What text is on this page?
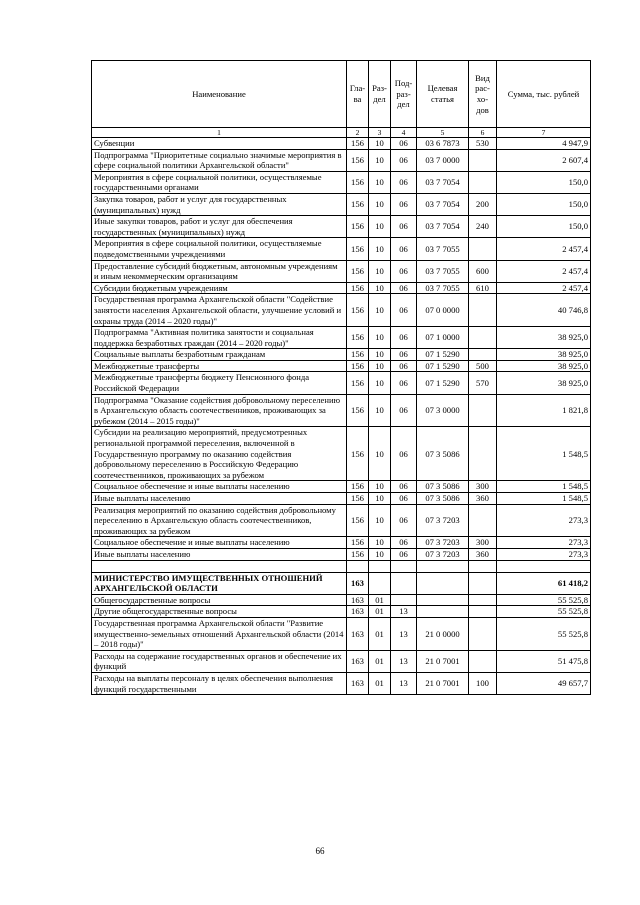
Наименование	Гла-ва	Раз-дел	Под-раз-дел	Целевая статья	Вид рас-хо-дов	Сумма, тыс. рублей
1	2	3	4	5	6	7
Субвенции	156	10	06	03 6 7873	530	4 947,9
Подпрограмма "Приоритетные социально значимые мероприятия в сфере социальной политики Архангельской области"	156	10	06	03 7 0000		2 607,4
Мероприятия в сфере социальной политики, осуществляемые государственными органами	156	10	06	03 7 7054		150,0
Закупка товаров, работ и услуг для государственных (муниципальных) нужд	156	10	06	03 7 7054	200	150,0
Иные закупки товаров, работ и услуг для обеспечения государственных (муниципальных) нужд	156	10	06	03 7 7054	240	150,0
Мероприятия в сфере социальной политики, осуществляемые подведомственными учреждениями	156	10	06	03 7 7055		2 457,4
Предоставление субсидий бюджетным, автономным учреждениям и иным некоммерческим организациям	156	10	06	03 7 7055	600	2 457,4
Субсидии бюджетным учреждениям	156	10	06	03 7 7055	610	2 457,4
Государственная программа Архангельской области "Содействие занятости населения Архангельской области, улучшение условий и охраны труда (2014 – 2020 годы)"	156	10	06	07 0 0000		40 746,8
Подпрограмма "Активная политика занятости и социальная поддержка безработных граждан (2014 – 2020 годы)"	156	10	06	07 1 0000		38 925,0
Социальные выплаты безработным гражданам	156	10	06	07 1 5290		38 925,0
Межбюджетные трансферты	156	10	06	07 1 5290	500	38 925,0
Межбюджетные трансферты бюджету Пенсионного фонда Российской Федерации	156	10	06	07 1 5290	570	38 925,0
Подпрограмма "Оказание содействия добровольному переселению в Архангельскую область соотечественников, проживающих за рубежом (2014 – 2015 годы)"	156	10	06	07 3 0000		1 821,8
Субсидии на реализацию мероприятий, предусмотренных региональной программой переселения, включенной в Государственную программу по оказанию содействия добровольному переселению в Российскую Федерацию соотечественников, проживающих за рубежом	156	10	06	07 3 5086		1 548,5
Социальное обеспечение и иные выплаты населению	156	10	06	07 3 5086	300	1 548,5
Иные выплаты населению	156	10	06	07 3 5086	360	1 548,5
Реализация мероприятий по оказанию содействия добровольному переселению в Архангельскую область соотечественников, проживающих за рубежом	156	10	06	07 3 7203		273,3
Социальное обеспечение и иные выплаты населению	156	10	06	07 3 7203	300	273,3
Иные выплаты населению	156	10	06	07 3 7203	360	273,3

МИНИСТЕРСТВО ИМУЩЕСТВЕННЫХ ОТНОШЕНИЙ АРХАНГЕЛЬСКОЙ ОБЛАСТИ	163					61 418,2
Общегосударственные вопросы	163	01				55 525,8
Другие общегосударственные вопросы	163	01	13			55 525,8
Государственная программа Архангельской области "Развитие имущественно-земельных отношений Архангельской области (2014 – 2018 годы)"	163	01	13	21 0 0000		55 525,8
Расходы на содержание государственных органов и обеспечение их функций	163	01	13	21 0 7001		51 475,8
Расходы на выплаты персоналу в целях обеспечения выполнения функций государственными	163	01	13	21 0 7001	100	49 657,7
66
